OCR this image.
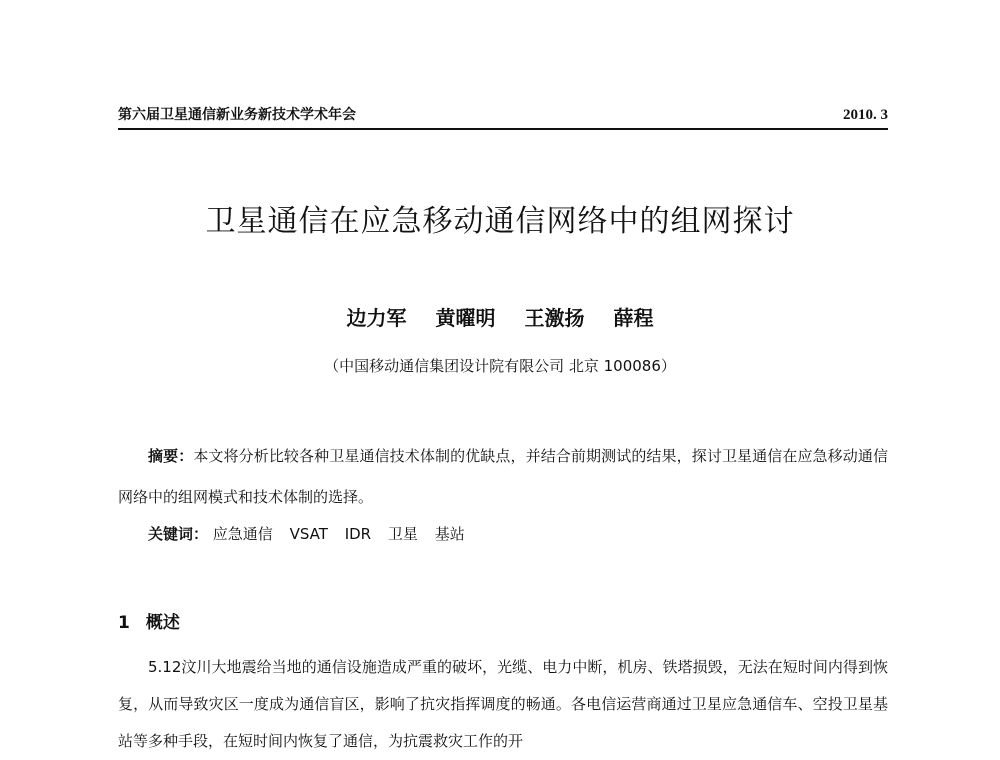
第六届卫星通信新业务新技术学术年会	2010. 3
卫星通信在应急移动通信网络中的组网探讨
边力军 黄曜明 王激扬 薛程
（中国移动通信集团设计院有限公司 北京 100086）

摘要：本文将分析比较各种卫星通信技术体制的优缺点，并结合前期测试的结果，探讨卫星通信在应急移动通信网络中的组网模式和技术体制的选择。

关键词： 应急通信 VSAT IDR 卫星 基站
1 概述

5.12汶川大地震给当地的通信设施造成严重的破坏，光缆、电力中断，机房、铁塔损毁，无法在短时间内得到恢复，从而导致灾区一度成为通信盲区，影响了抗灾指挥调度的畅通。各电信运营商通过卫星应急通信车、空投卫星基站等多种手段，在短时间内恢复了通信，为抗震救灾工作的开
